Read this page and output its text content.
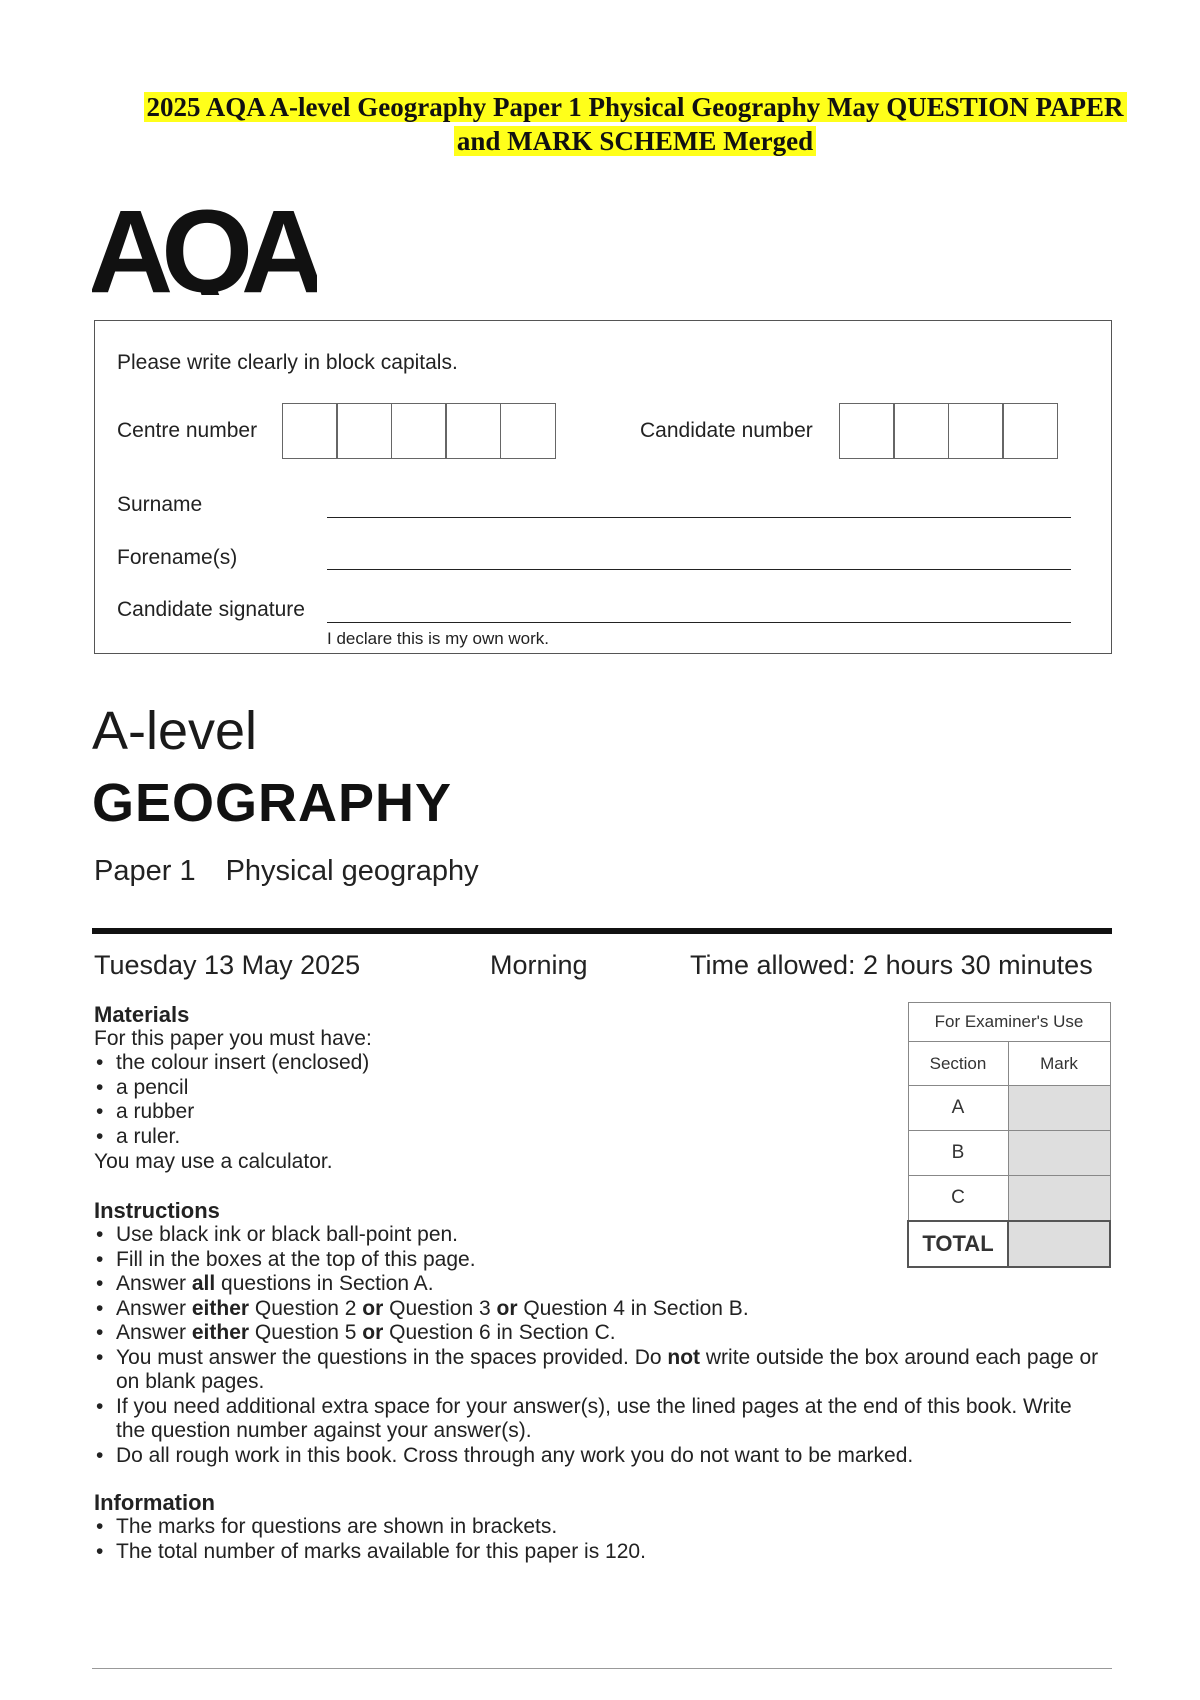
2025 AQA A-level Geography Paper 1 Physical Geography May QUESTION PAPER
and MARK SCHEME Merged
AQA
Please write clearly in block capitals.
Centre number	Candidate number
Surname
Forename(s)
Candidate signature
I declare this is my own work.
A-level
GEOGRAPHY
Paper 1 Physical geography
Tuesday 13 May 2025	Morning	Time allowed: 2 hours 30 minutes
Materials
For this paper you must have:
• the colour insert (enclosed)
• a pencil
• a rubber
• a ruler.
You may use a calculator.
Instructions
• Use black ink or black ball-point pen.
• Fill in the boxes at the top of this page.
• Answer all questions in Section A.
• Answer either Question 2 or Question 3 or Question 4 in Section B.
• Answer either Question 5 or Question 6 in Section C.
• You must answer the questions in the spaces provided. Do not write outside the box around each page or on blank pages.
• If you need additional extra space for your answer(s), use the lined pages at the end of this book. Write the question number against your answer(s).
• Do all rough work in this book. Cross through any work you do not want to be marked.
Information
• The marks for questions are shown in brackets.
• The total number of marks available for this paper is 120.
For Examiner's Use	
Section	Mark
A	
B	
C	
TOTAL	
